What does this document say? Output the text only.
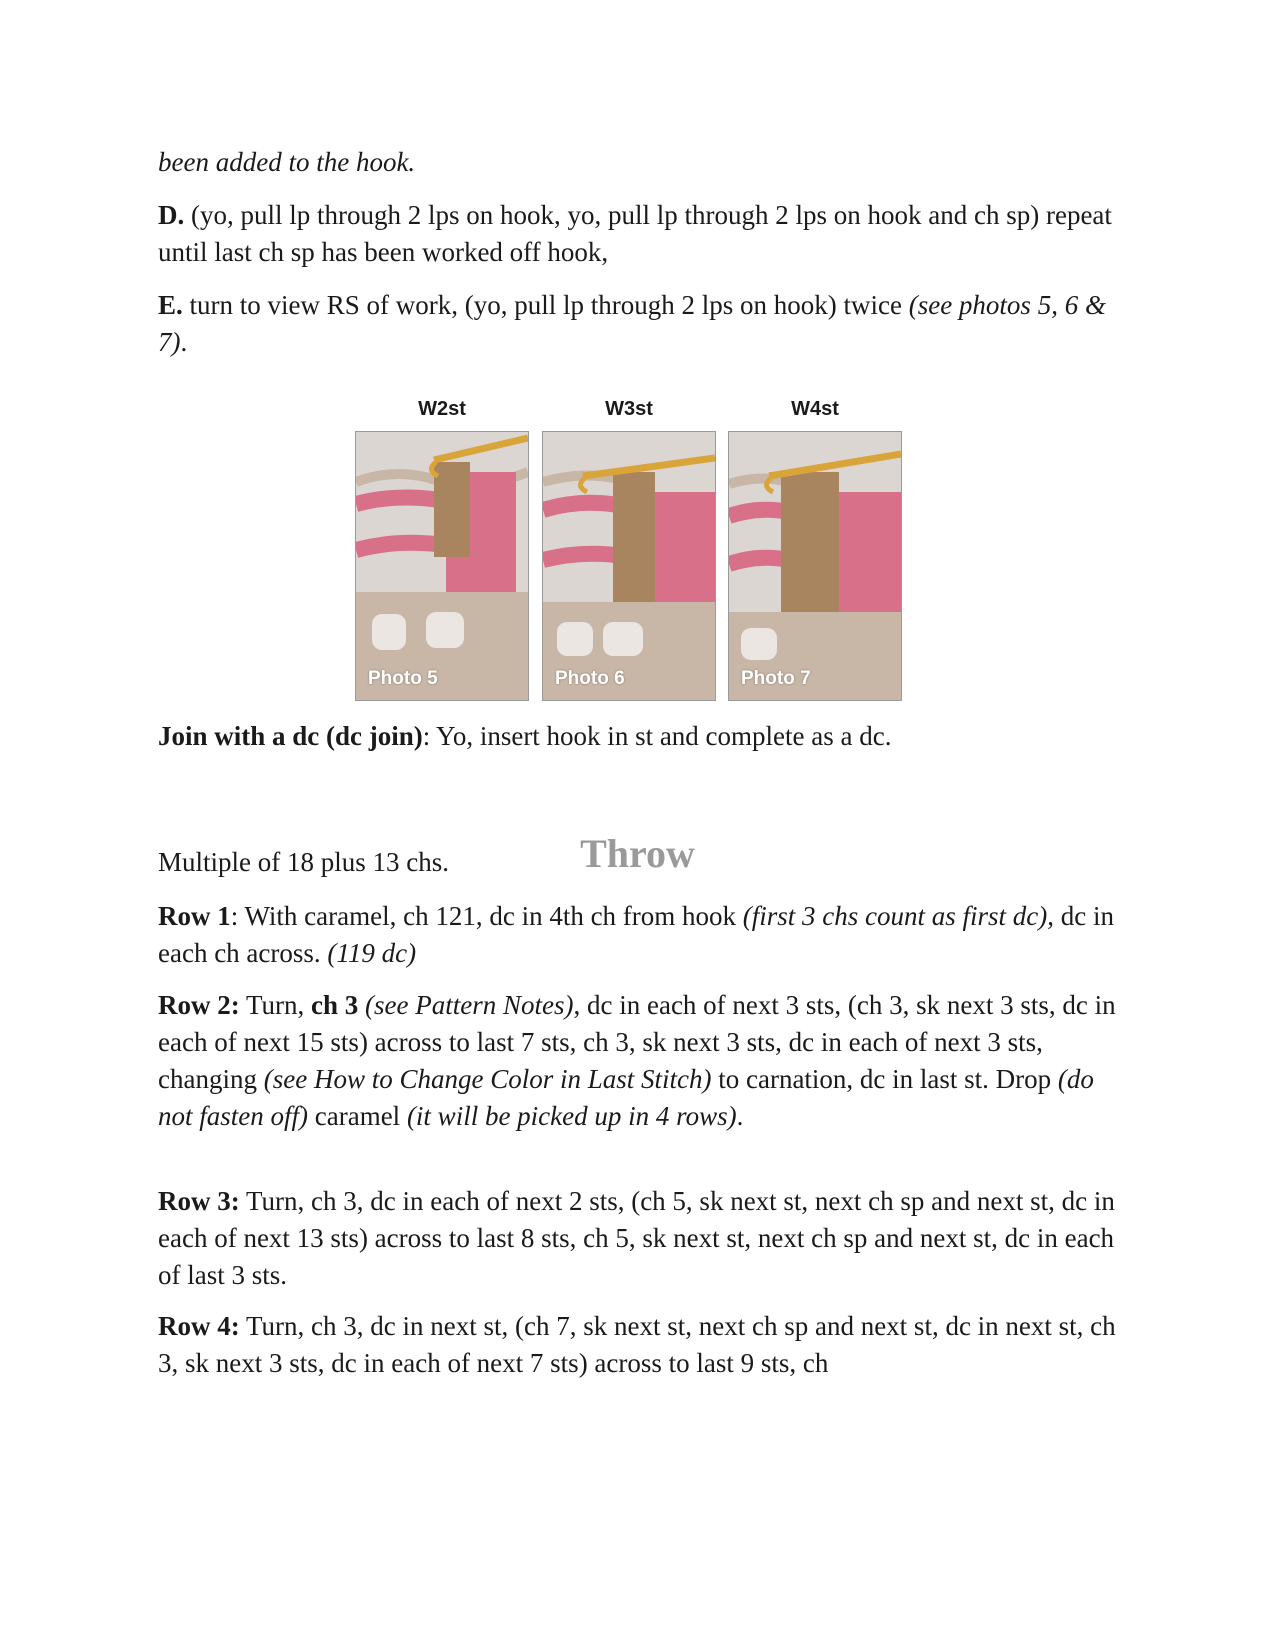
been added to the hook.

D. (yo, pull lp through 2 lps on hook, yo, pull lp through 2 lps on hook and ch sp) repeat until last ch sp has been worked off hook,

E. turn to view RS of work, (yo, pull lp through 2 lps on hook) twice (see photos 5, 6 & 7).

W2st
Photo 5
W3st
Photo 6
W4st
Photo 7

Join with a dc (dc join): Yo, insert hook in st and complete as a dc.

Throw

Multiple of 18 plus 13 chs.

Row 1: With caramel, ch 121, dc in 4th ch from hook (first 3 chs count as first dc), dc in each ch across. (119 dc)

Row 2: Turn, ch 3 (see Pattern Notes), dc in each of next 3 sts, (ch 3, sk next 3 sts, dc in each of next 15 sts) across to last 7 sts, ch 3, sk next 3 sts, dc in each of next 3 sts, changing (see How to Change Color in Last Stitch) to carnation, dc in last st. Drop (do not fasten off) caramel (it will be picked up in 4 rows).

Row 3: Turn, ch 3, dc in each of next 2 sts, (ch 5, sk next st, next ch sp and next st, dc in each of next 13 sts) across to last 8 sts, ch 5, sk next st, next ch sp and next st, dc in each of last 3 sts.

Row 4: Turn, ch 3, dc in next st, (ch 7, sk next st, next ch sp and next st, dc in next st, ch 3, sk next 3 sts, dc in each of next 7 sts) across to last 9 sts, ch
